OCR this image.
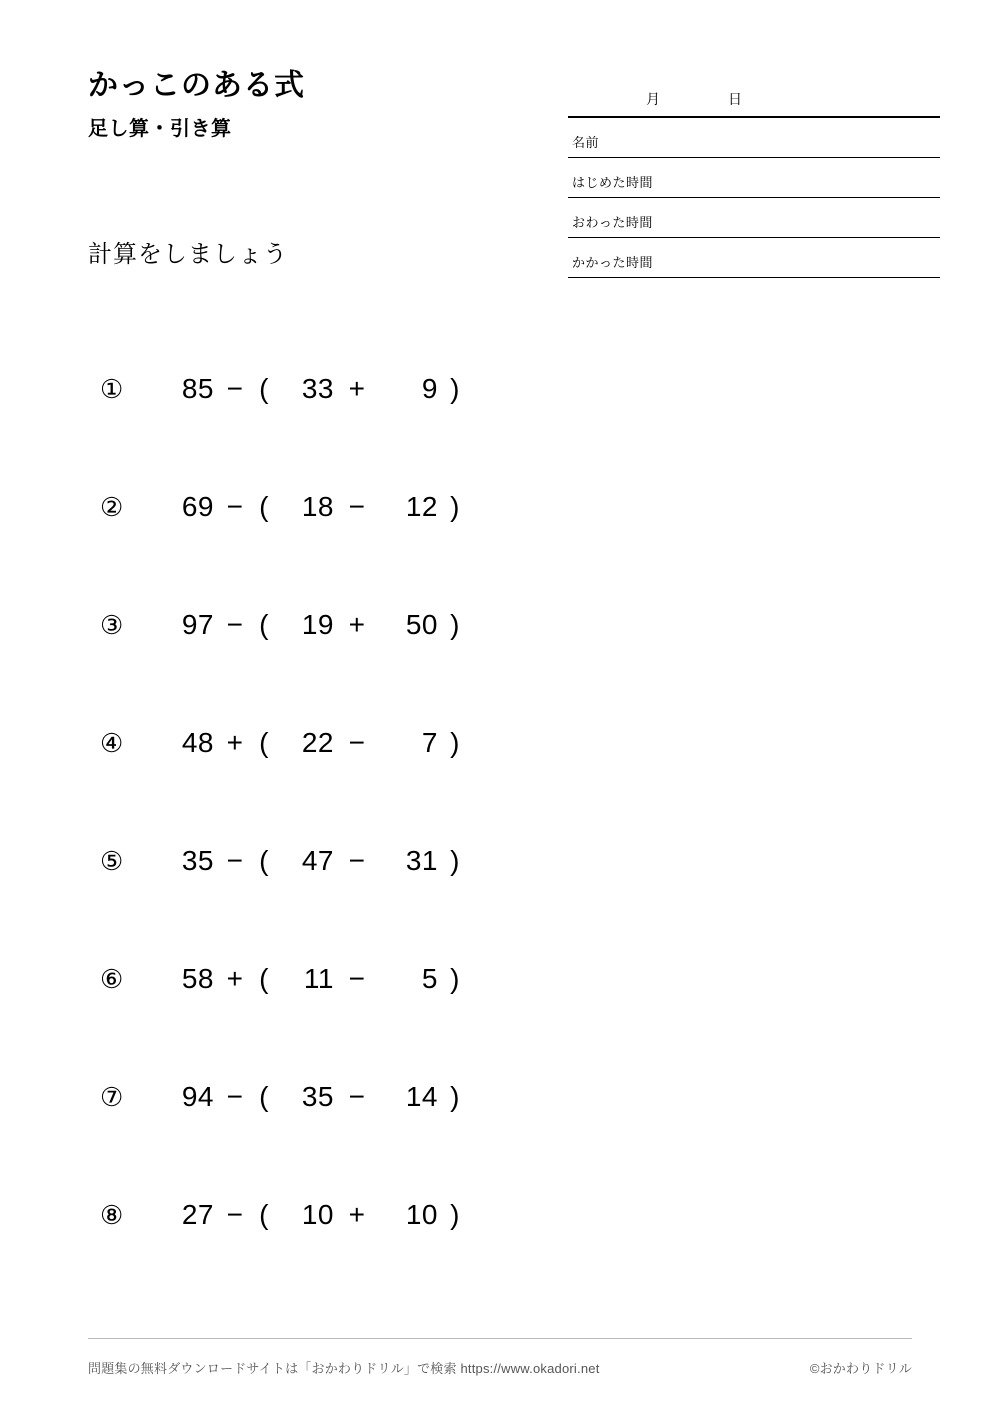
かっこのある式
足し算・引き算
月	日
名前
はじめた時間
おわった時間
かかった時間
計算をしましょう
①	85 − (	33 +	9 )
②	69 − (	18 −	12 )
③	97 − (	19 +	50 )
④	48 + (	22 −	7 )
⑤	35 − (	47 −	31 )
⑥	58 + (	11 −	5 )
⑦	94 − (	35 −	14 )
⑧	27 − (	10 +	10 )
問題集の無料ダウンロードサイトは「おかわりドリル」で検索 https://www.okadori.net	©おかわりドリル
